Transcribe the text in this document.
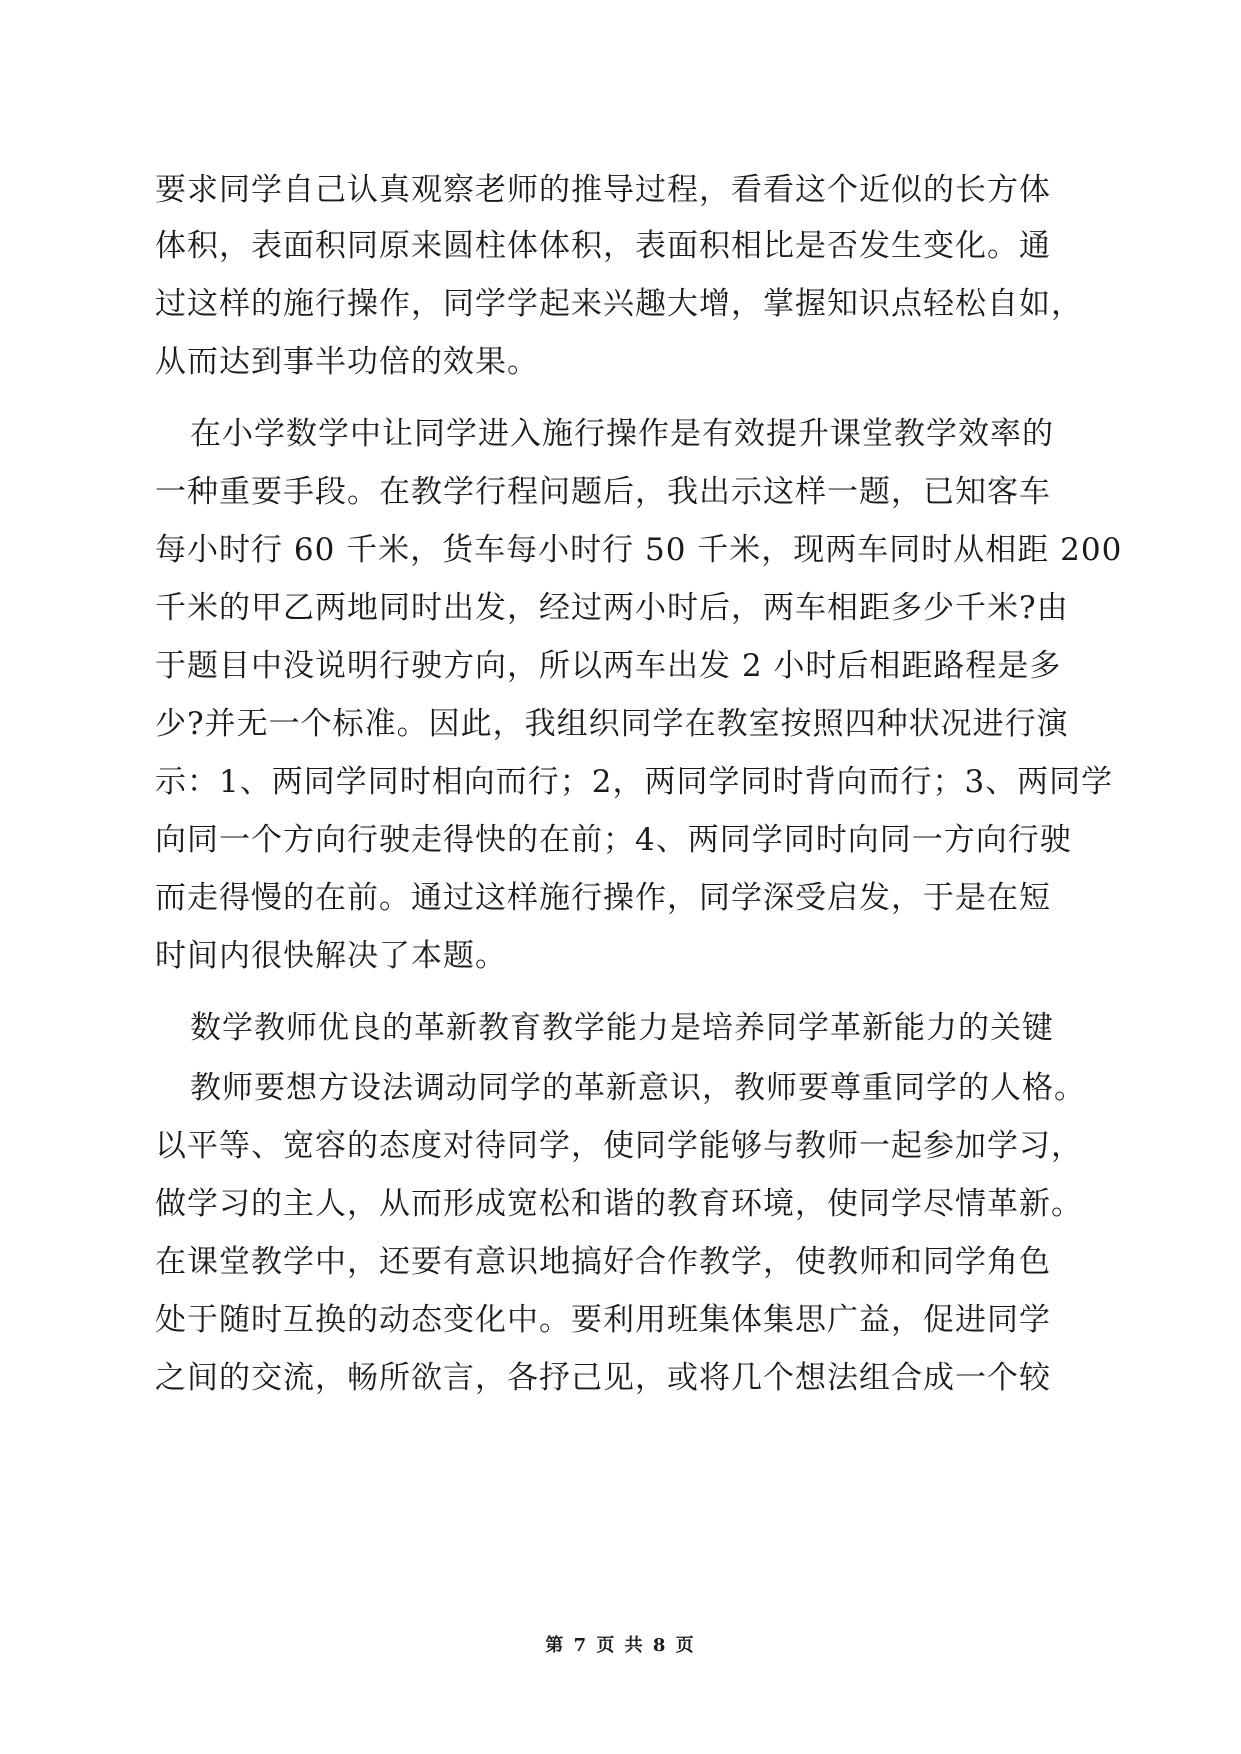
要求同学自己认真观察老师的推导过程，看看这个近似的长方体
体积，表面积同原来圆柱体体积，表面积相比是否发生变化。通
过这样的施行操作，同学学起来兴趣大增，掌握知识点轻松自如，
从而达到事半功倍的效果。
在小学数学中让同学进入施行操作是有效提升课堂教学效率的
一种重要手段。在教学行程问题后，我出示这样一题，已知客车
每小时行 60 千米，货车每小时行 50 千米，现两车同时从相距 200
千米的甲乙两地同时出发，经过两小时后，两车相距多少千米?由
于题目中没说明行驶方向，所以两车出发 2 小时后相距路程是多
少?并无一个标准。因此，我组织同学在教室按照四种状况进行演
示：1、两同学同时相向而行；2，两同学同时背向而行；3、两同学
向同一个方向行驶走得快的在前；4、两同学同时向同一方向行驶
而走得慢的在前。通过这样施行操作，同学深受启发，于是在短
时间内很快解决了本题。
数学教师优良的革新教育教学能力是培养同学革新能力的关键
教师要想方设法调动同学的革新意识，教师要尊重同学的人格。
以平等、宽容的态度对待同学，使同学能够与教师一起参加学习，
做学习的主人，从而形成宽松和谐的教育环境，使同学尽情革新。
在课堂教学中，还要有意识地搞好合作教学，使教师和同学角色
处于随时互换的动态变化中。要利用班集体集思广益，促进同学
之间的交流，畅所欲言，各抒己见，或将几个想法组合成一个较
第 7 页 共 8 页
